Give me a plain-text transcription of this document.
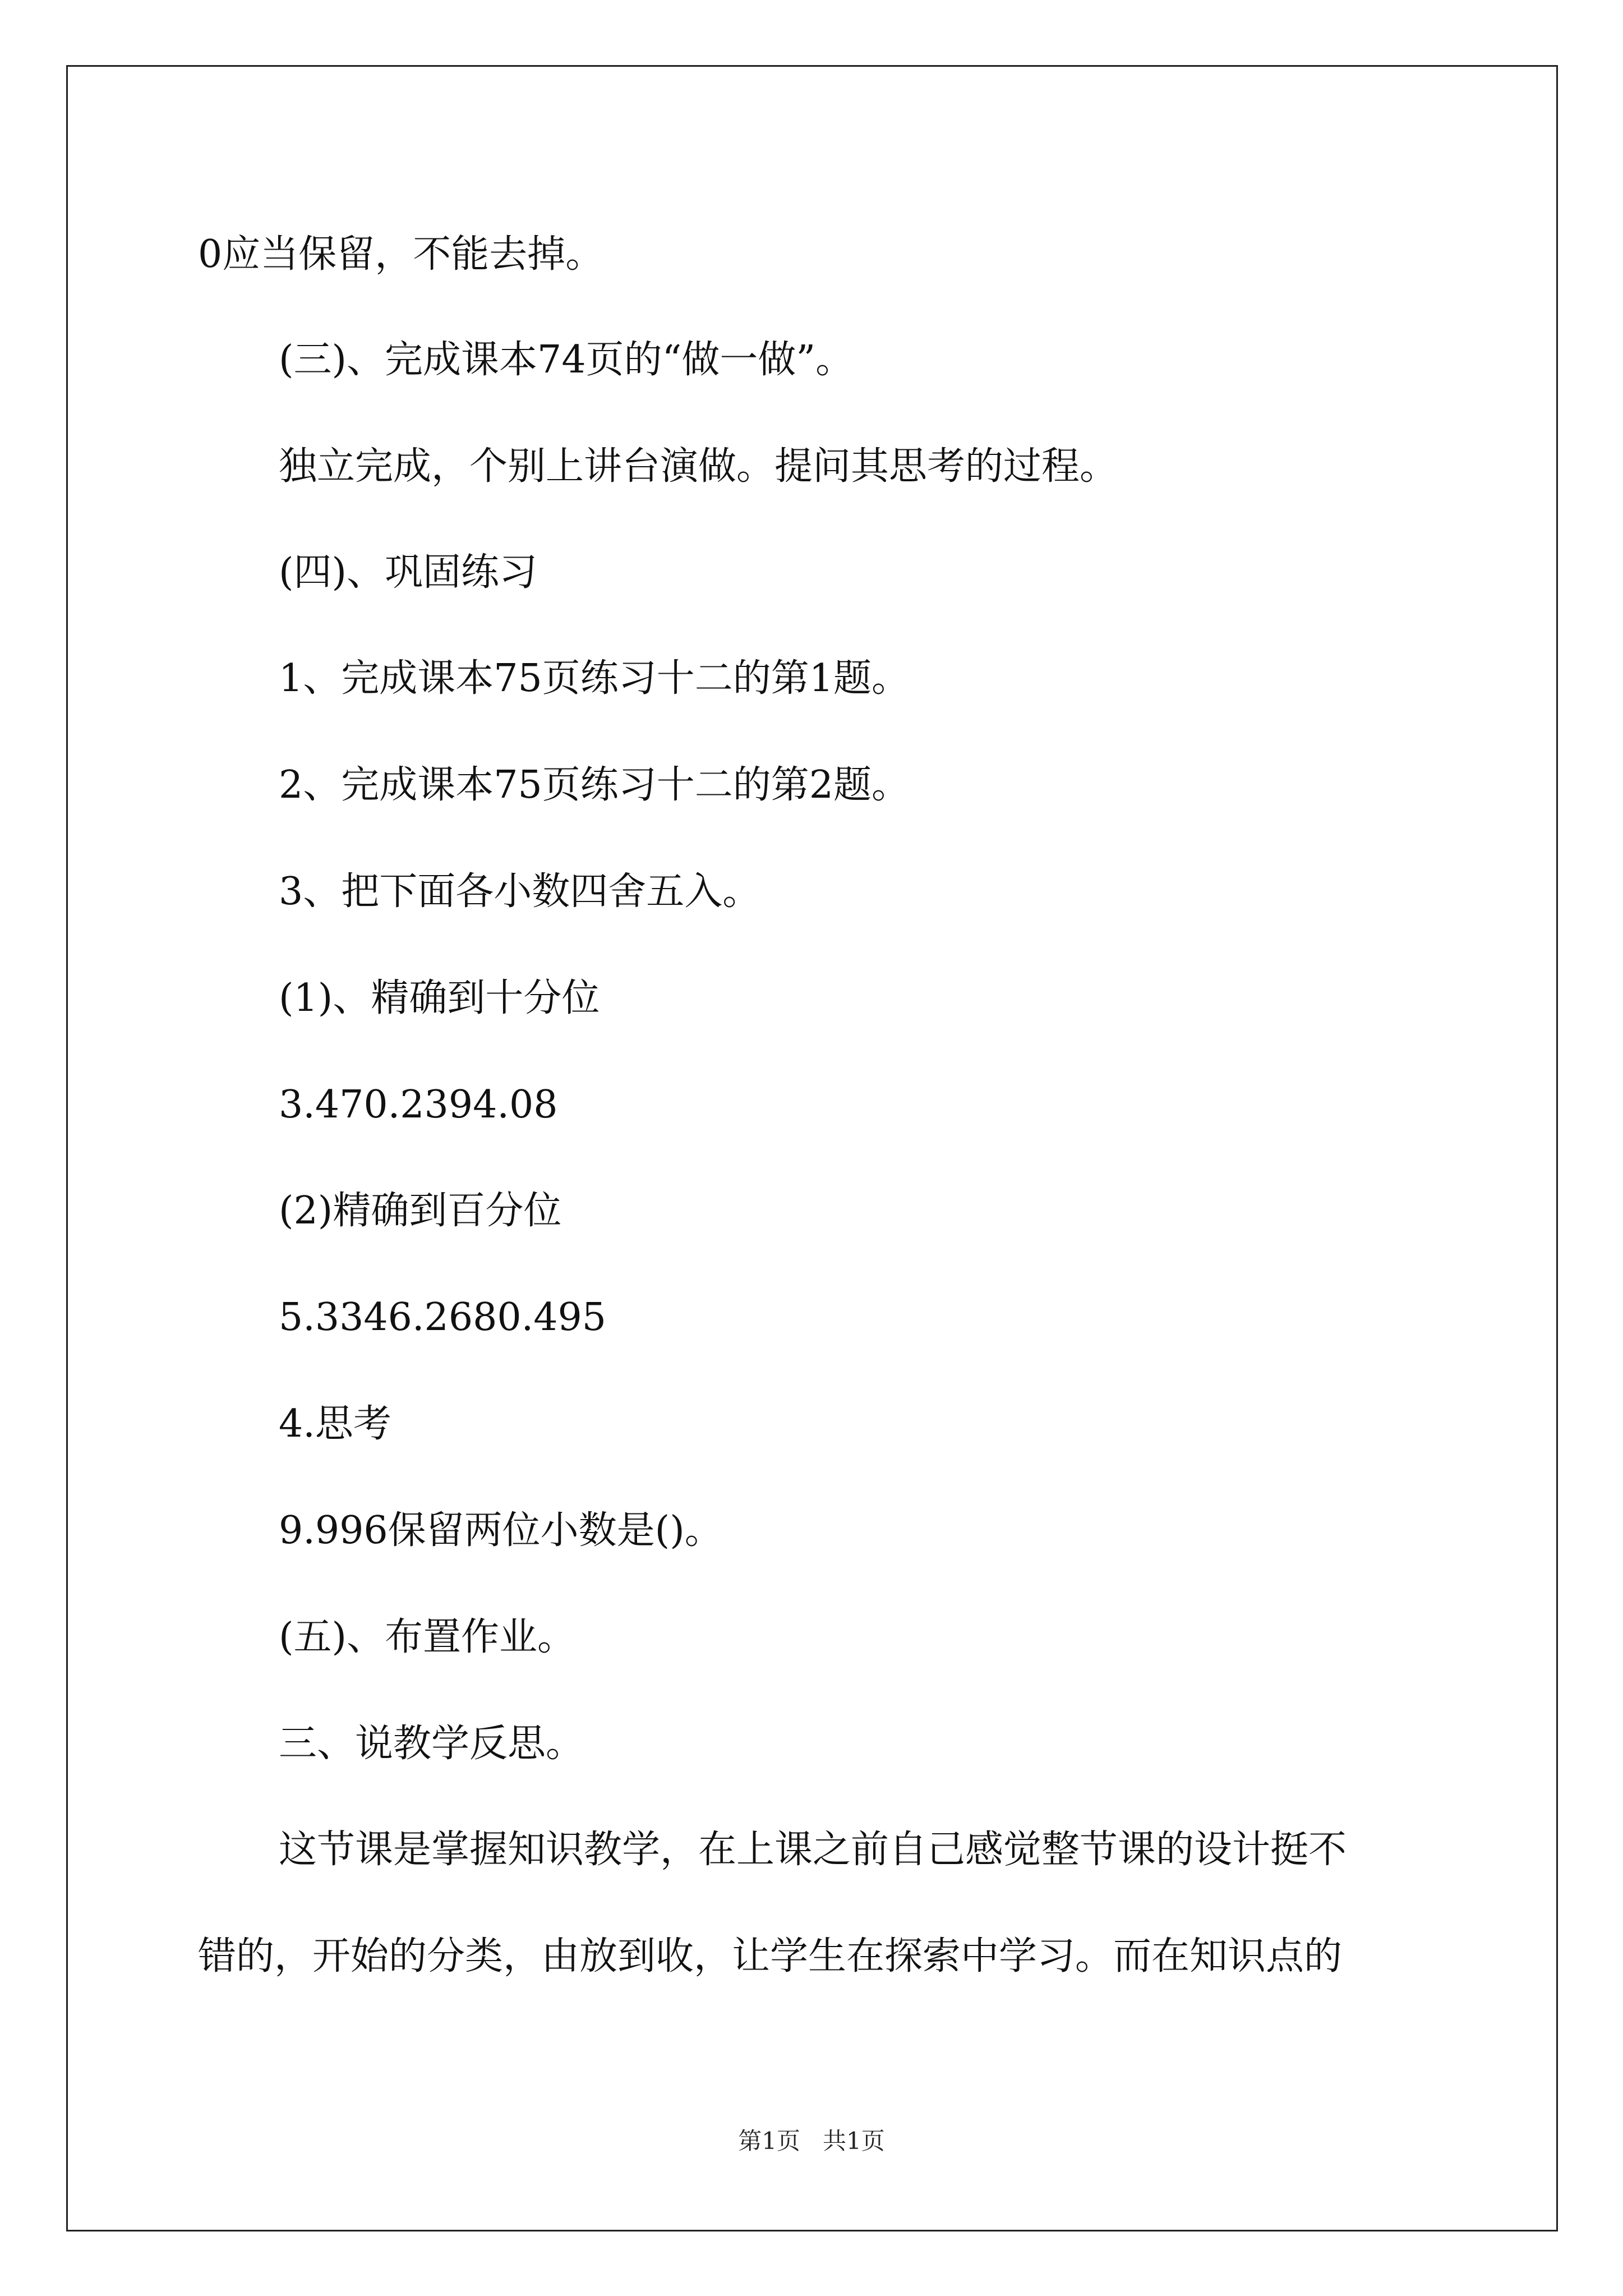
0应当保留，不能去掉。
(三)、完成课本74页的“做一做”。
独立完成，个别上讲台演做。提问其思考的过程。
(四)、巩固练习
1、完成课本75页练习十二的第1题。
2、完成课本75页练习十二的第2题。
3、把下面各小数四舍五入。
(1)、精确到十分位
3.470.2394.08
(2)精确到百分位
5.3346.2680.495
4.思考
9.996保留两位小数是()。
(五)、布置作业。
三、说教学反思。
这节课是掌握知识教学，在上课之前自己感觉整节课的设计挺不
错的，开始的分类，由放到收，让学生在探索中学习。而在知识点的
第1页   共1页
